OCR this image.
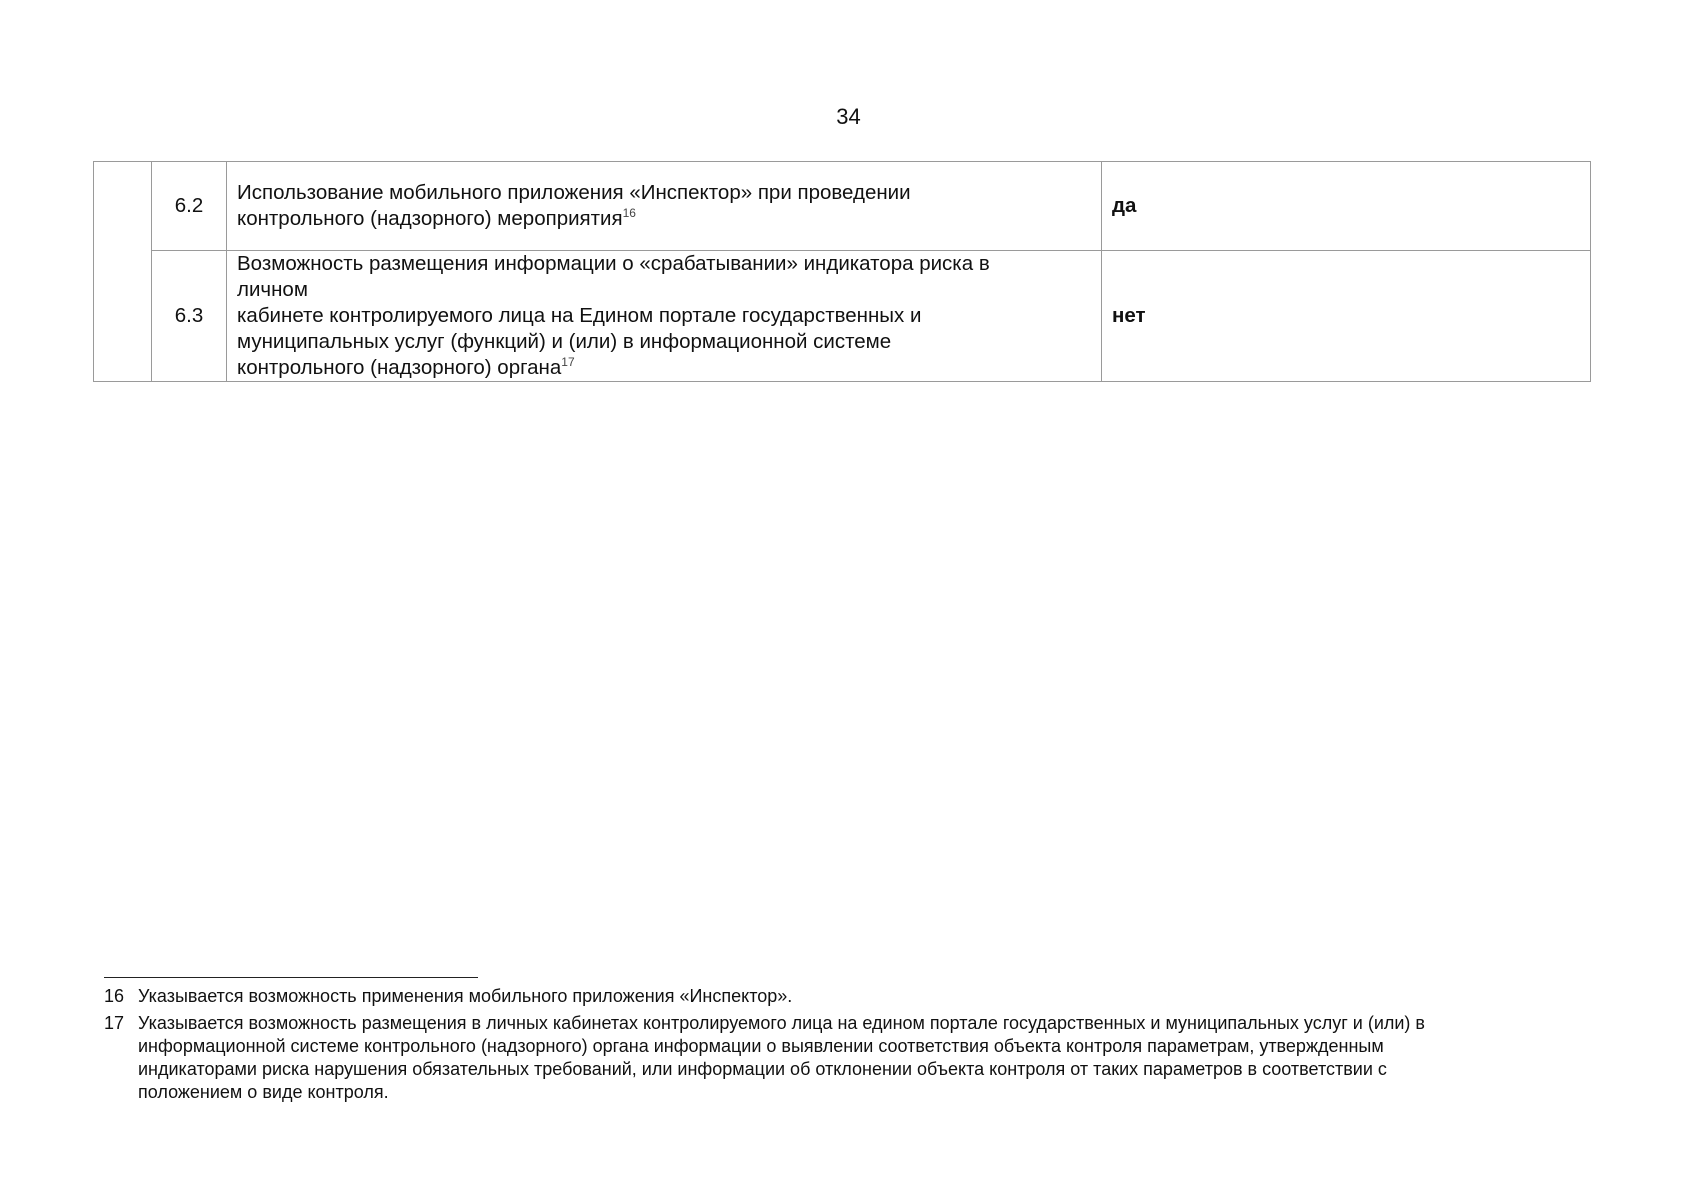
34
	6.2	Использование мобильного приложения «Инспектор» при проведении
контрольного (надзорного) мероприятия$^{16}$	да
	6.3	Возможность размещения информации о «срабатывании» индикатора риска в
личном
кабинете контролируемого лица на Едином портале государственных и
муниципальных услуг (функций) и (или) в информационной системе
контрольного (надзорного) органа$^{17}$	нет
16 Указывается возможность применения мобильного приложения «Инспектор».
17 Указывается возможность размещения в личных кабинетах контролируемого лица на едином портале государственных и муниципальных услуг и (или) в
информационной системе контрольного (надзорного) органа информации о выявлении соответствия объекта контроля параметрам, утвержденным
индикаторами риска нарушения обязательных требований, или информации об отклонении объекта контроля от таких параметров в соответствии с
положением о виде контроля.
